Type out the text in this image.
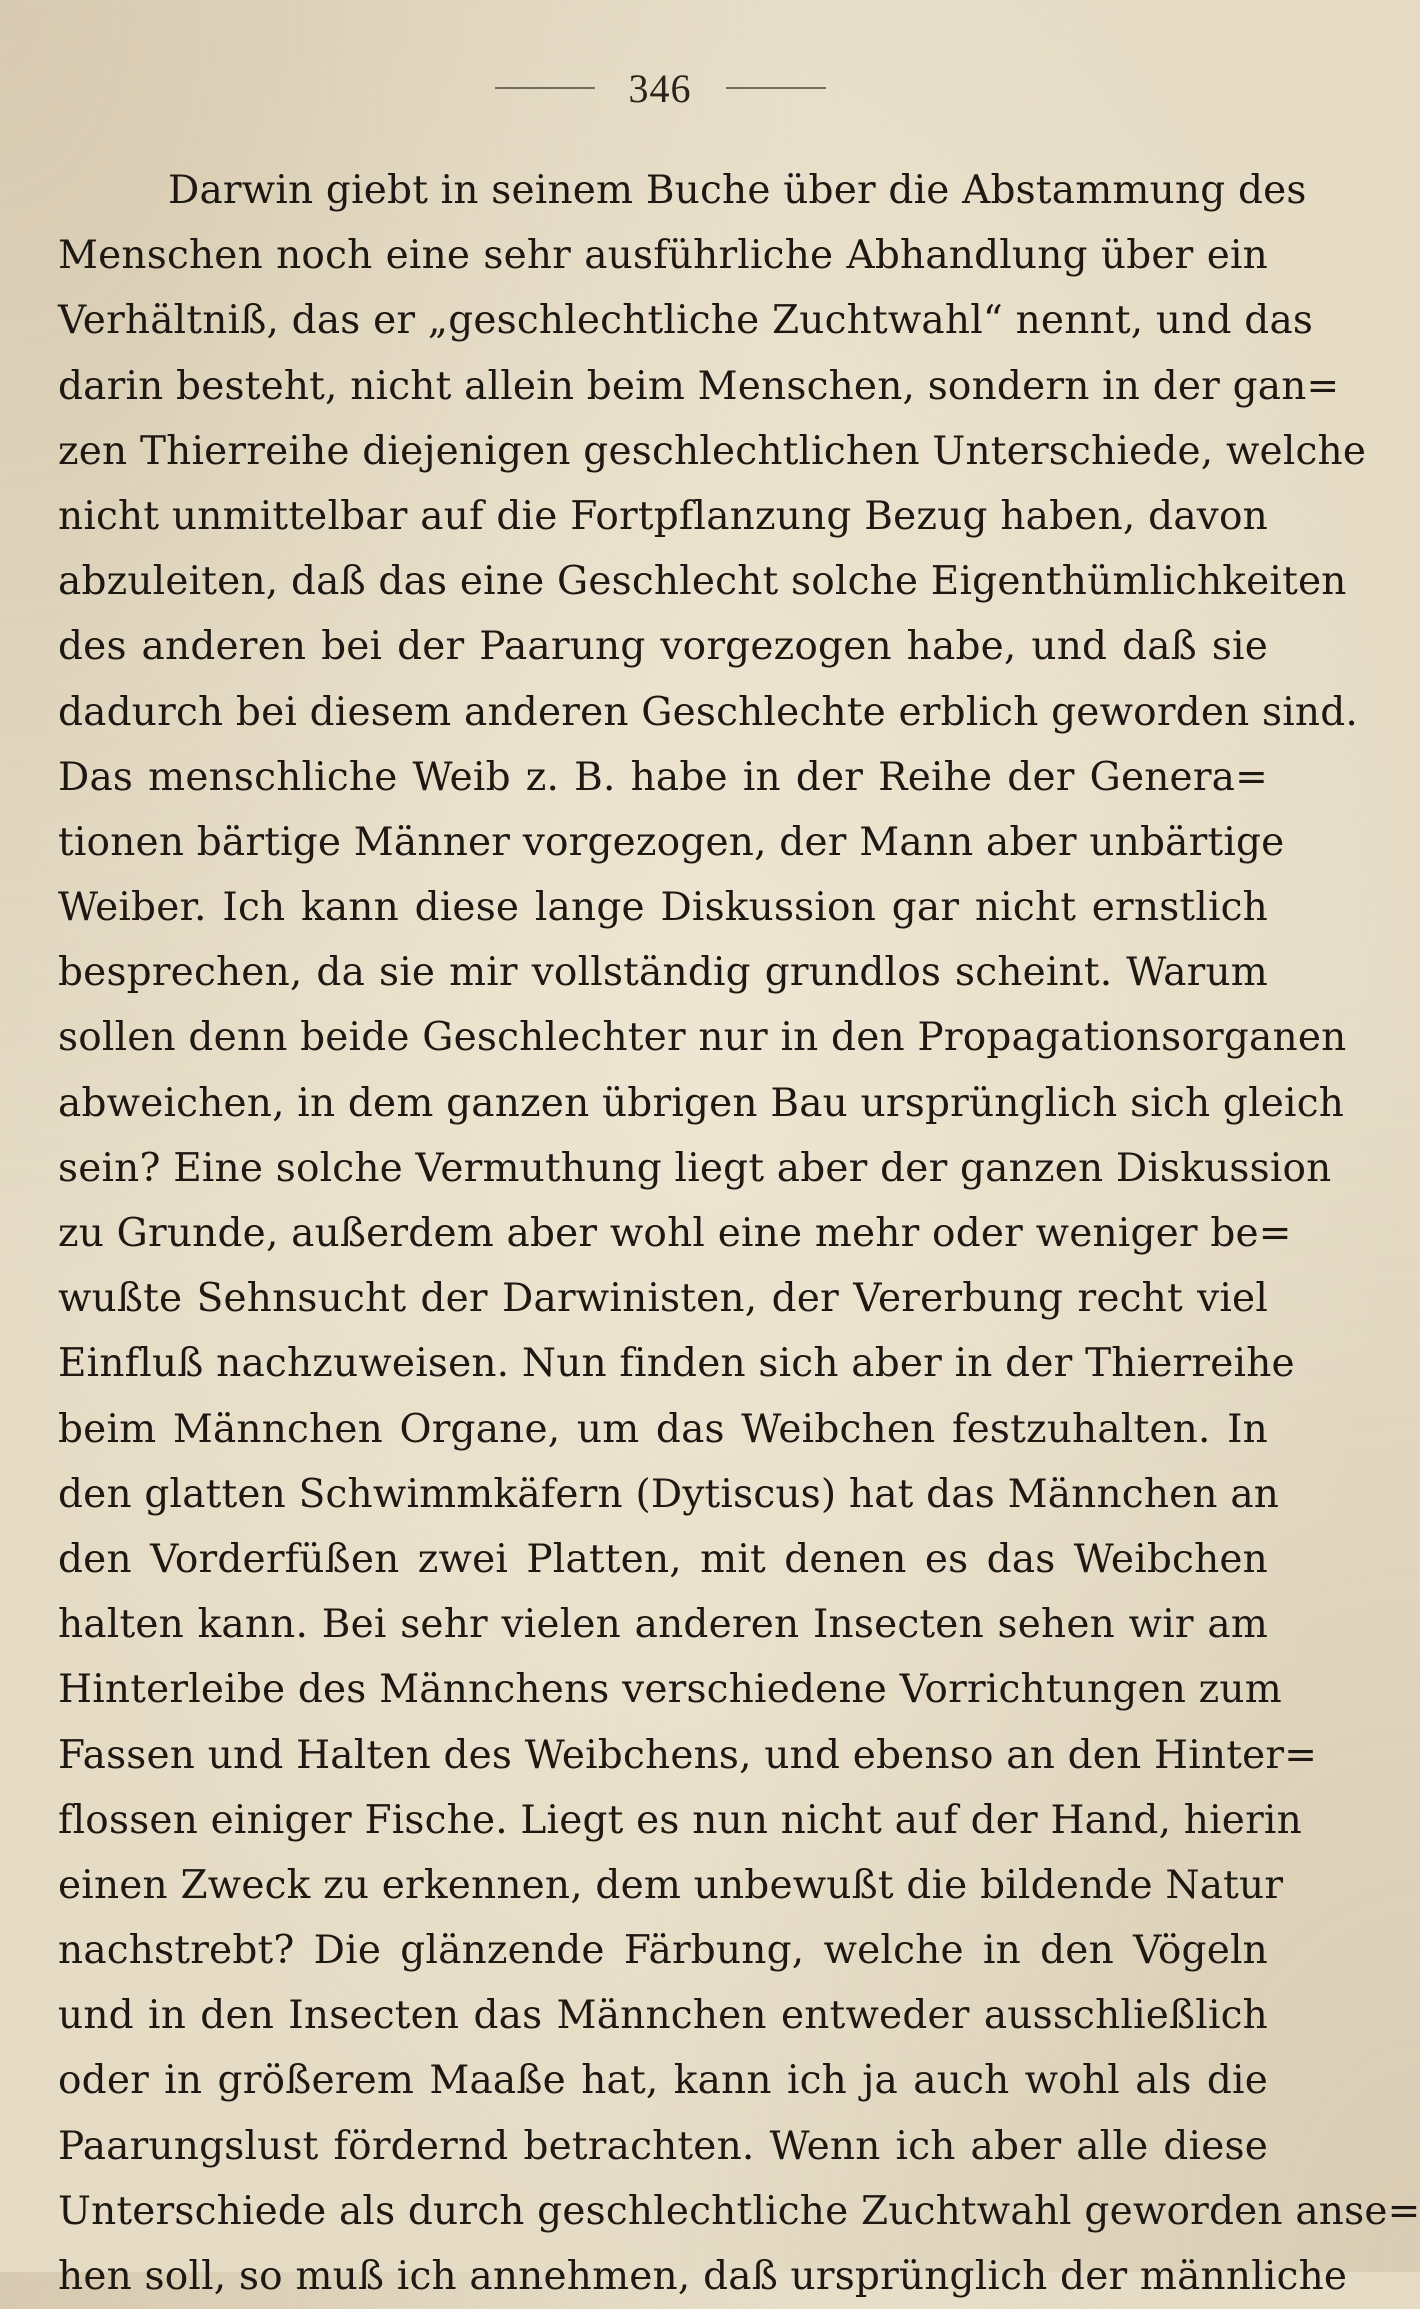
346
Darwin giebt in seinem Buche über die Abstammung des
Menschen noch eine sehr ausführliche Abhandlung über ein
Verhältniß, das er „geschlechtliche Zuchtwahl“ nennt, und das
darin besteht, nicht allein beim Menschen, sondern in der gan=
zen Thierreihe diejenigen geschlechtlichen Unterschiede, welche
nicht unmittelbar auf die Fortpflanzung Bezug haben, davon
abzuleiten, daß das eine Geschlecht solche Eigenthümlichkeiten
des anderen bei der Paarung vorgezogen habe, und daß sie
dadurch bei diesem anderen Geschlechte erblich geworden sind.
Das menschliche Weib z. B. habe in der Reihe der Genera=
tionen bärtige Männer vorgezogen, der Mann aber unbärtige
Weiber. Ich kann diese lange Diskussion gar nicht ernstlich
besprechen, da sie mir vollständig grundlos scheint. Warum
sollen denn beide Geschlechter nur in den Propagationsorganen
abweichen, in dem ganzen übrigen Bau ursprünglich sich gleich
sein? Eine solche Vermuthung liegt aber der ganzen Diskussion
zu Grunde, außerdem aber wohl eine mehr oder weniger be=
wußte Sehnsucht der Darwinisten, der Vererbung recht viel
Einfluß nachzuweisen. Nun finden sich aber in der Thierreihe
beim Männchen Organe, um das Weibchen festzuhalten. In
den glatten Schwimmkäfern (Dytiscus) hat das Männchen an
den Vorderfüßen zwei Platten, mit denen es das Weibchen
halten kann. Bei sehr vielen anderen Insecten sehen wir am
Hinterleibe des Männchens verschiedene Vorrichtungen zum
Fassen und Halten des Weibchens, und ebenso an den Hinter=
flossen einiger Fische. Liegt es nun nicht auf der Hand, hierin
einen Zweck zu erkennen, dem unbewußt die bildende Natur
nachstrebt? Die glänzende Färbung, welche in den Vögeln
und in den Insecten das Männchen entweder ausschließlich
oder in größerem Maaße hat, kann ich ja auch wohl als die
Paarungslust fördernd betrachten. Wenn ich aber alle diese
Unterschiede als durch geschlechtliche Zuchtwahl geworden anse=
hen soll, so muß ich annehmen, daß ursprünglich der männliche
